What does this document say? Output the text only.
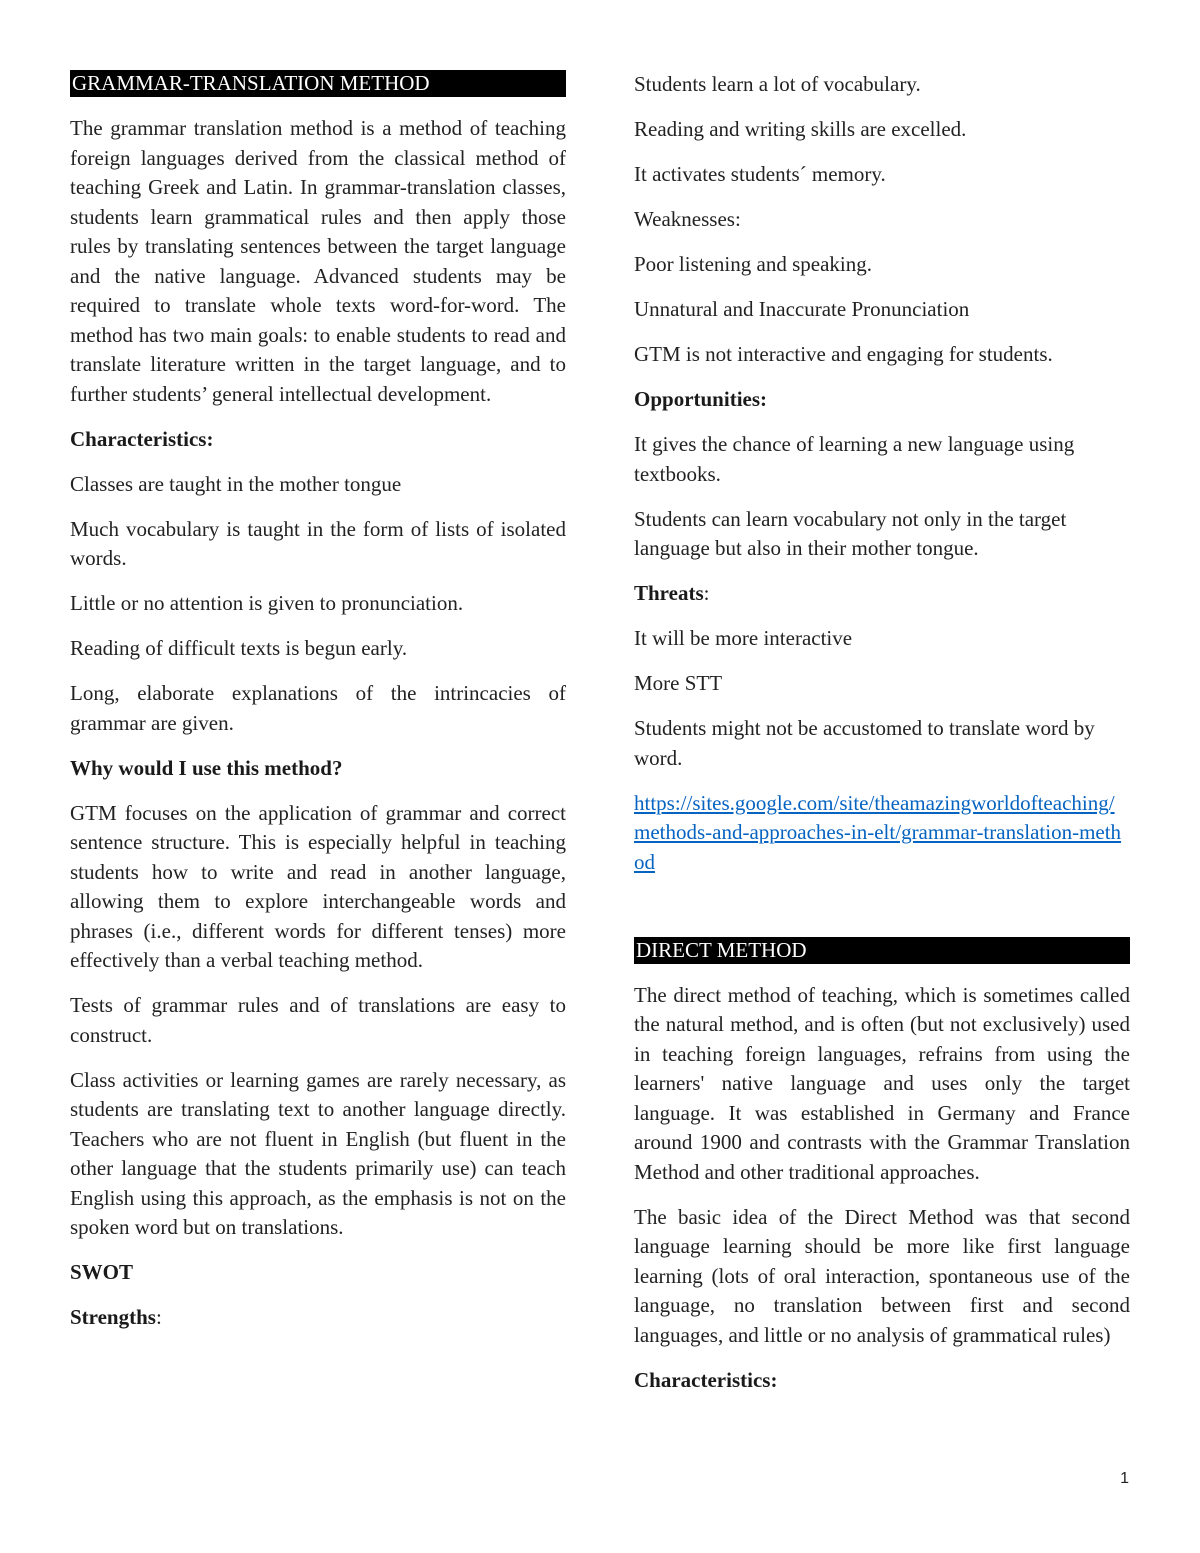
GRAMMAR-TRANSLATION METHOD

The grammar translation method is a method of teaching foreign languages derived from the classical method of teaching Greek and Latin. In grammar-translation classes, students learn grammatical rules and then apply those rules by translating sentences between the target language and the native language. Advanced students may be required to translate whole texts word-for-word. The method has two main goals: to enable students to read and translate literature written in the target language, and to further students’ general intellectual development.

Characteristics:

Classes are taught in the mother tongue

Much vocabulary is taught in the form of lists of isolated words.

Little or no attention is given to pronunciation.

Reading of difficult texts is begun early.

Long, elaborate explanations of the intrincacies of grammar are given.

Why would I use this method?

GTM focuses on the application of grammar and correct sentence structure. This is especially helpful in teaching students how to write and read in another language, allowing them to explore interchangeable words and phrases (i.e., different words for different tenses) more effectively than a verbal teaching method.

Tests of grammar rules and of translations are easy to construct.

Class activities or learning games are rarely necessary, as students are translating text to another language directly. Teachers who are not fluent in English (but fluent in the other language that the students primarily use) can teach English using this approach, as the emphasis is not on the spoken word but on translations.

SWOT

Strengths:

Students learn a lot of vocabulary.

Reading and writing skills are excelled.

It activates students´ memory.

Weaknesses:

Poor listening and speaking.

Unnatural and Inaccurate Pronunciation

GTM is not interactive and engaging for students.

Opportunities:

It gives the chance of learning a new language using textbooks.

Students can learn vocabulary not only in the target language but also in their mother tongue.

Threats:

It will be more interactive

More STT

Students might not be accustomed to translate word by word.

https://sites.google.com/site/theamazingworldofteaching/methods-and-approaches-in-elt/grammar-translation-method

DIRECT METHOD

The direct method of teaching, which is sometimes called the natural method, and is often (but not exclusively) used in teaching foreign languages, refrains from using the learners' native language and uses only the target language. It was established in Germany and France around 1900 and contrasts with the Grammar Translation Method and other traditional approaches.

The basic idea of the Direct Method was that second language learning should be more like first language learning (lots of oral interaction, spontaneous use of the language, no translation between first and second languages, and little or no analysis of grammatical rules)

Characteristics:

1
